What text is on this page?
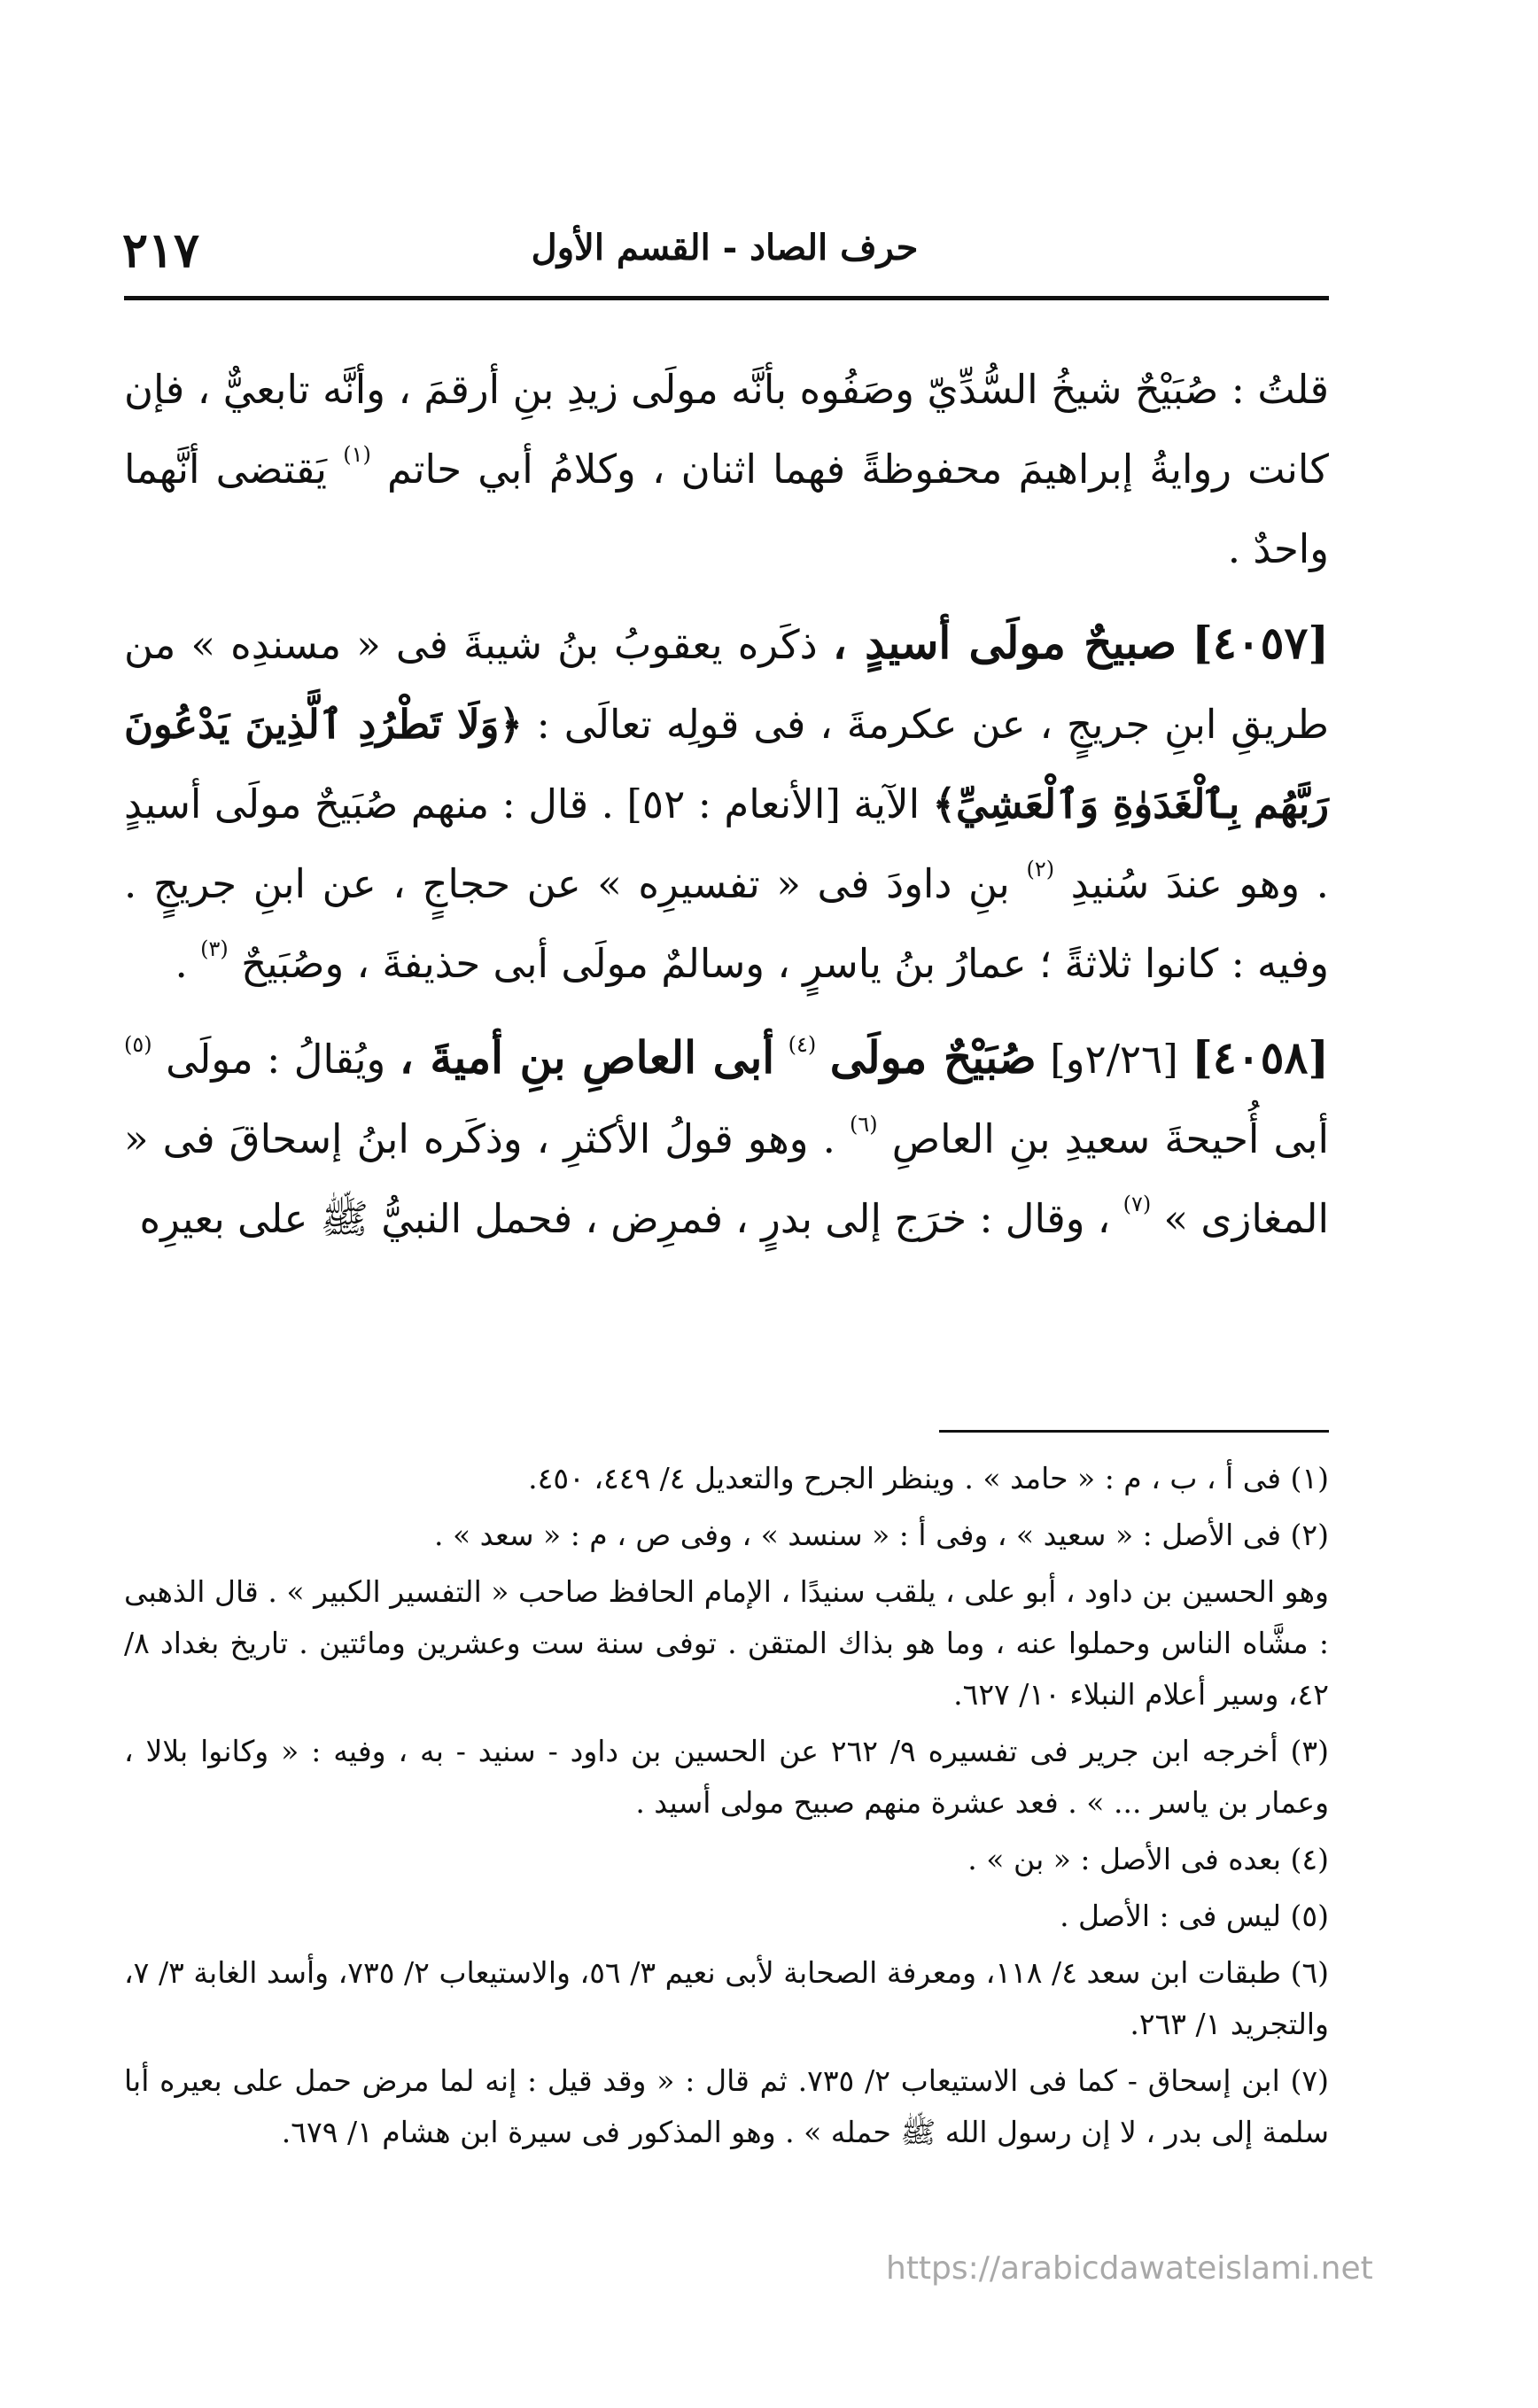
٢١٧	حرف الصاد - القسم الأول

قلتُ : صُبَيْحٌ شيخُ السُّدِّيّ وصَفُوه بأنَّه مولَى زيدِ بنِ أرقمَ ، وأنَّه تابعيٌّ ، فإن كانت روايةُ إبراهيمَ محفوظةً فهما اثنان ، وكلامُ أبي حاتم $^{(١)}$ يَقتضى أنَّهما واحدٌ .

[٤٠٥٧] صبيحٌ مولَى أسيدٍ ، ذكَره يعقوبُ بنُ شيبةَ فى « مسندِه » من طريقِ ابنِ جريجٍ ، عن عكرمةَ ، فى قولِه تعالَى : ﴿وَلَا تَطْرُدِ ٱلَّذِينَ يَدْعُونَ رَبَّهُم بِٱلْغَدَوٰةِ وَٱلْعَشِيِّ﴾ الآية [الأنعام : ٥٢] . قال : منهم صُبَيحٌ مولَى أسيدٍ . وهو عندَ سُنيدِ $^{(٢)}$ بنِ داودَ فى « تفسيرِه » عن حجاجٍ ، عن ابنِ جريجٍ . وفيه : كانوا ثلاثةً ؛ عمارُ بنُ ياسرٍ ، وسالمٌ مولَى أبى حذيفةَ ، وصُبَيحٌ $^{(٣)}$ .

[٤٠٥٨] [٢/٢٦و] صُبَيْحٌ مولَى $^{(٤)}$ أبى العاصِ بنِ أميةَ ، ويُقالُ : مولَى $^{(٥)}$ أبى أُحيحةَ سعيدِ بنِ العاصِ $^{(٦)}$ . وهو قولُ الأكثرِ ، وذكَره ابنُ إسحاقَ فى « المغازى » $^{(٧)}$ ، وقال : خرَج إلى بدرٍ ، فمرِض ، فحمل النبيُّ ﷺ على بعيرِه

(١) فى أ ، ب ، م : « حامد » . وينظر الجرح والتعديل ٤/ ٤٤٩، ٤٥٠.

(٢) فى الأصل : « سعيد » ، وفى أ : « سنسد » ، وفى ص ، م : « سعد » .

وهو الحسين بن داود ، أبو على ، يلقب سنيدًا ، الإمام الحافظ صاحب « التفسير الكبير » . قال الذهبى : مشَّاه الناس وحملوا عنه ، وما هو بذاك المتقن . توفى سنة ست وعشرين ومائتين . تاريخ بغداد ٨/ ٤٢، وسير أعلام النبلاء ١٠/ ٦٢٧.

(٣) أخرجه ابن جرير فى تفسيره ٩/ ٢٦٢ عن الحسين بن داود - سنيد - به ، وفيه : « وكانوا بلالا ، وعمار بن ياسر ... » . فعد عشرة منهم صبيح مولى أسيد .

(٤) بعده فى الأصل : « بن » .

(٥) ليس فى : الأصل .

(٦) طبقات ابن سعد ٤/ ١١٨، ومعرفة الصحابة لأبى نعيم ٣/ ٥٦، والاستيعاب ٢/ ٧٣٥، وأسد الغابة ٣/ ٧، والتجريد ١/ ٢٦٣.

(٧) ابن إسحاق - كما فى الاستيعاب ٢/ ٧٣٥. ثم قال : « وقد قيل : إنه لما مرض حمل على بعيره أبا سلمة إلى بدر ، لا إن رسول الله ﷺ حمله » . وهو المذكور فى سيرة ابن هشام ١/ ٦٧٩.

https://arabicdawateislami.net
